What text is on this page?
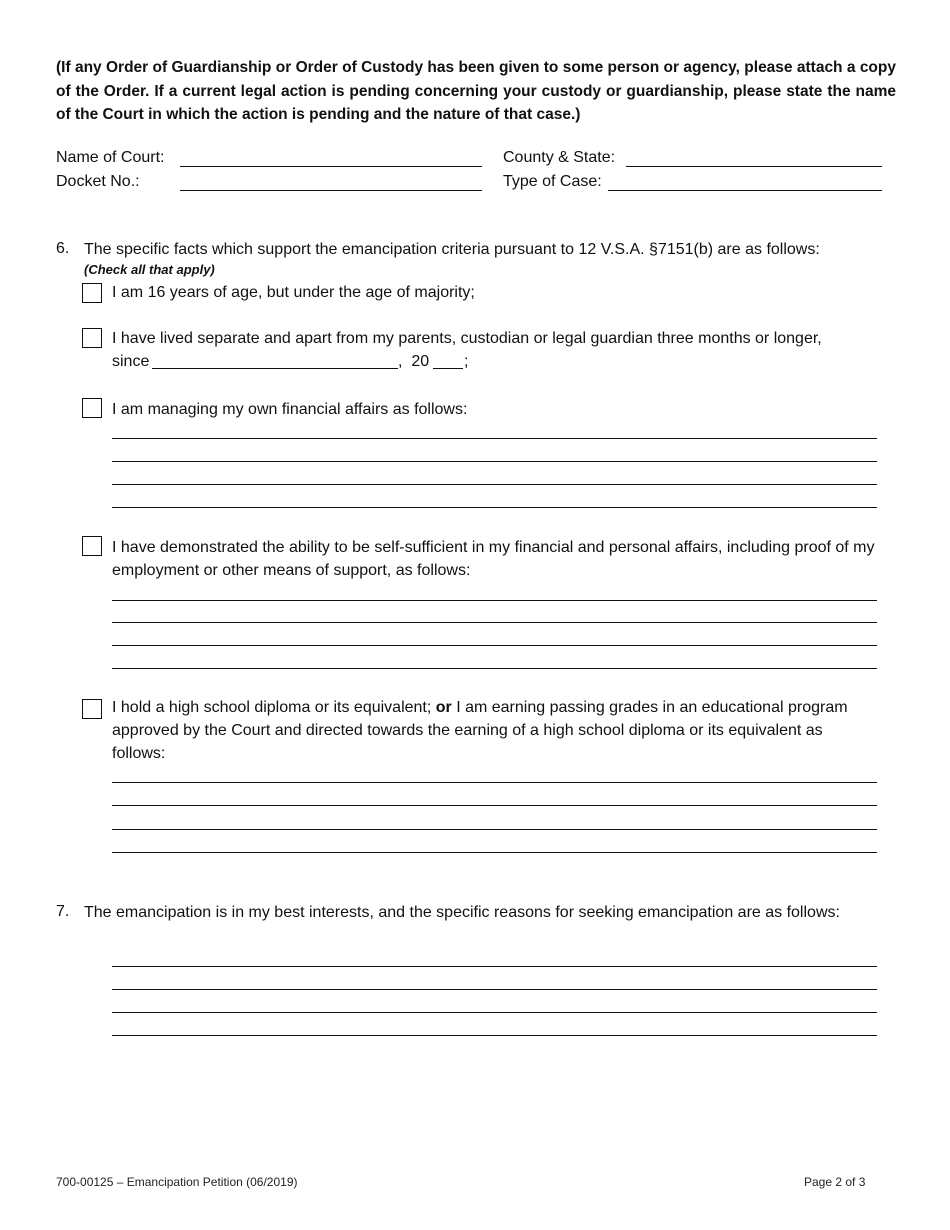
(If any Order of Guardianship or Order of Custody has been given to some person or agency, please attach a copy of the Order. If a current legal action is pending concerning your custody or guardianship, please state the name of the Court in which the action is pending and the nature of that case.)
Name of Court:
Docket No.:
County & State:
Type of Case:
6. The specific facts which support the emancipation criteria pursuant to 12 V.S.A. §7151(b) are as follows:
(Check all that apply)
I am 16 years of age, but under the age of majority;
I have lived separate and apart from my parents, custodian or legal guardian three months or longer,
since	,  20 ;
I am managing my own financial affairs as follows:
I have demonstrated the ability to be self-sufficient in my financial and personal affairs, including proof of my employment or other means of support, as follows:
I hold a high school diploma or its equivalent; or I am earning passing grades in an educational program approved by the Court and directed towards the earning of a high school diploma or its equivalent as follows:
7. The emancipation is in my best interests, and the specific reasons for seeking emancipation are as follows:
700-00125 – Emancipation Petition (06/2019)	Page 2 of 3
